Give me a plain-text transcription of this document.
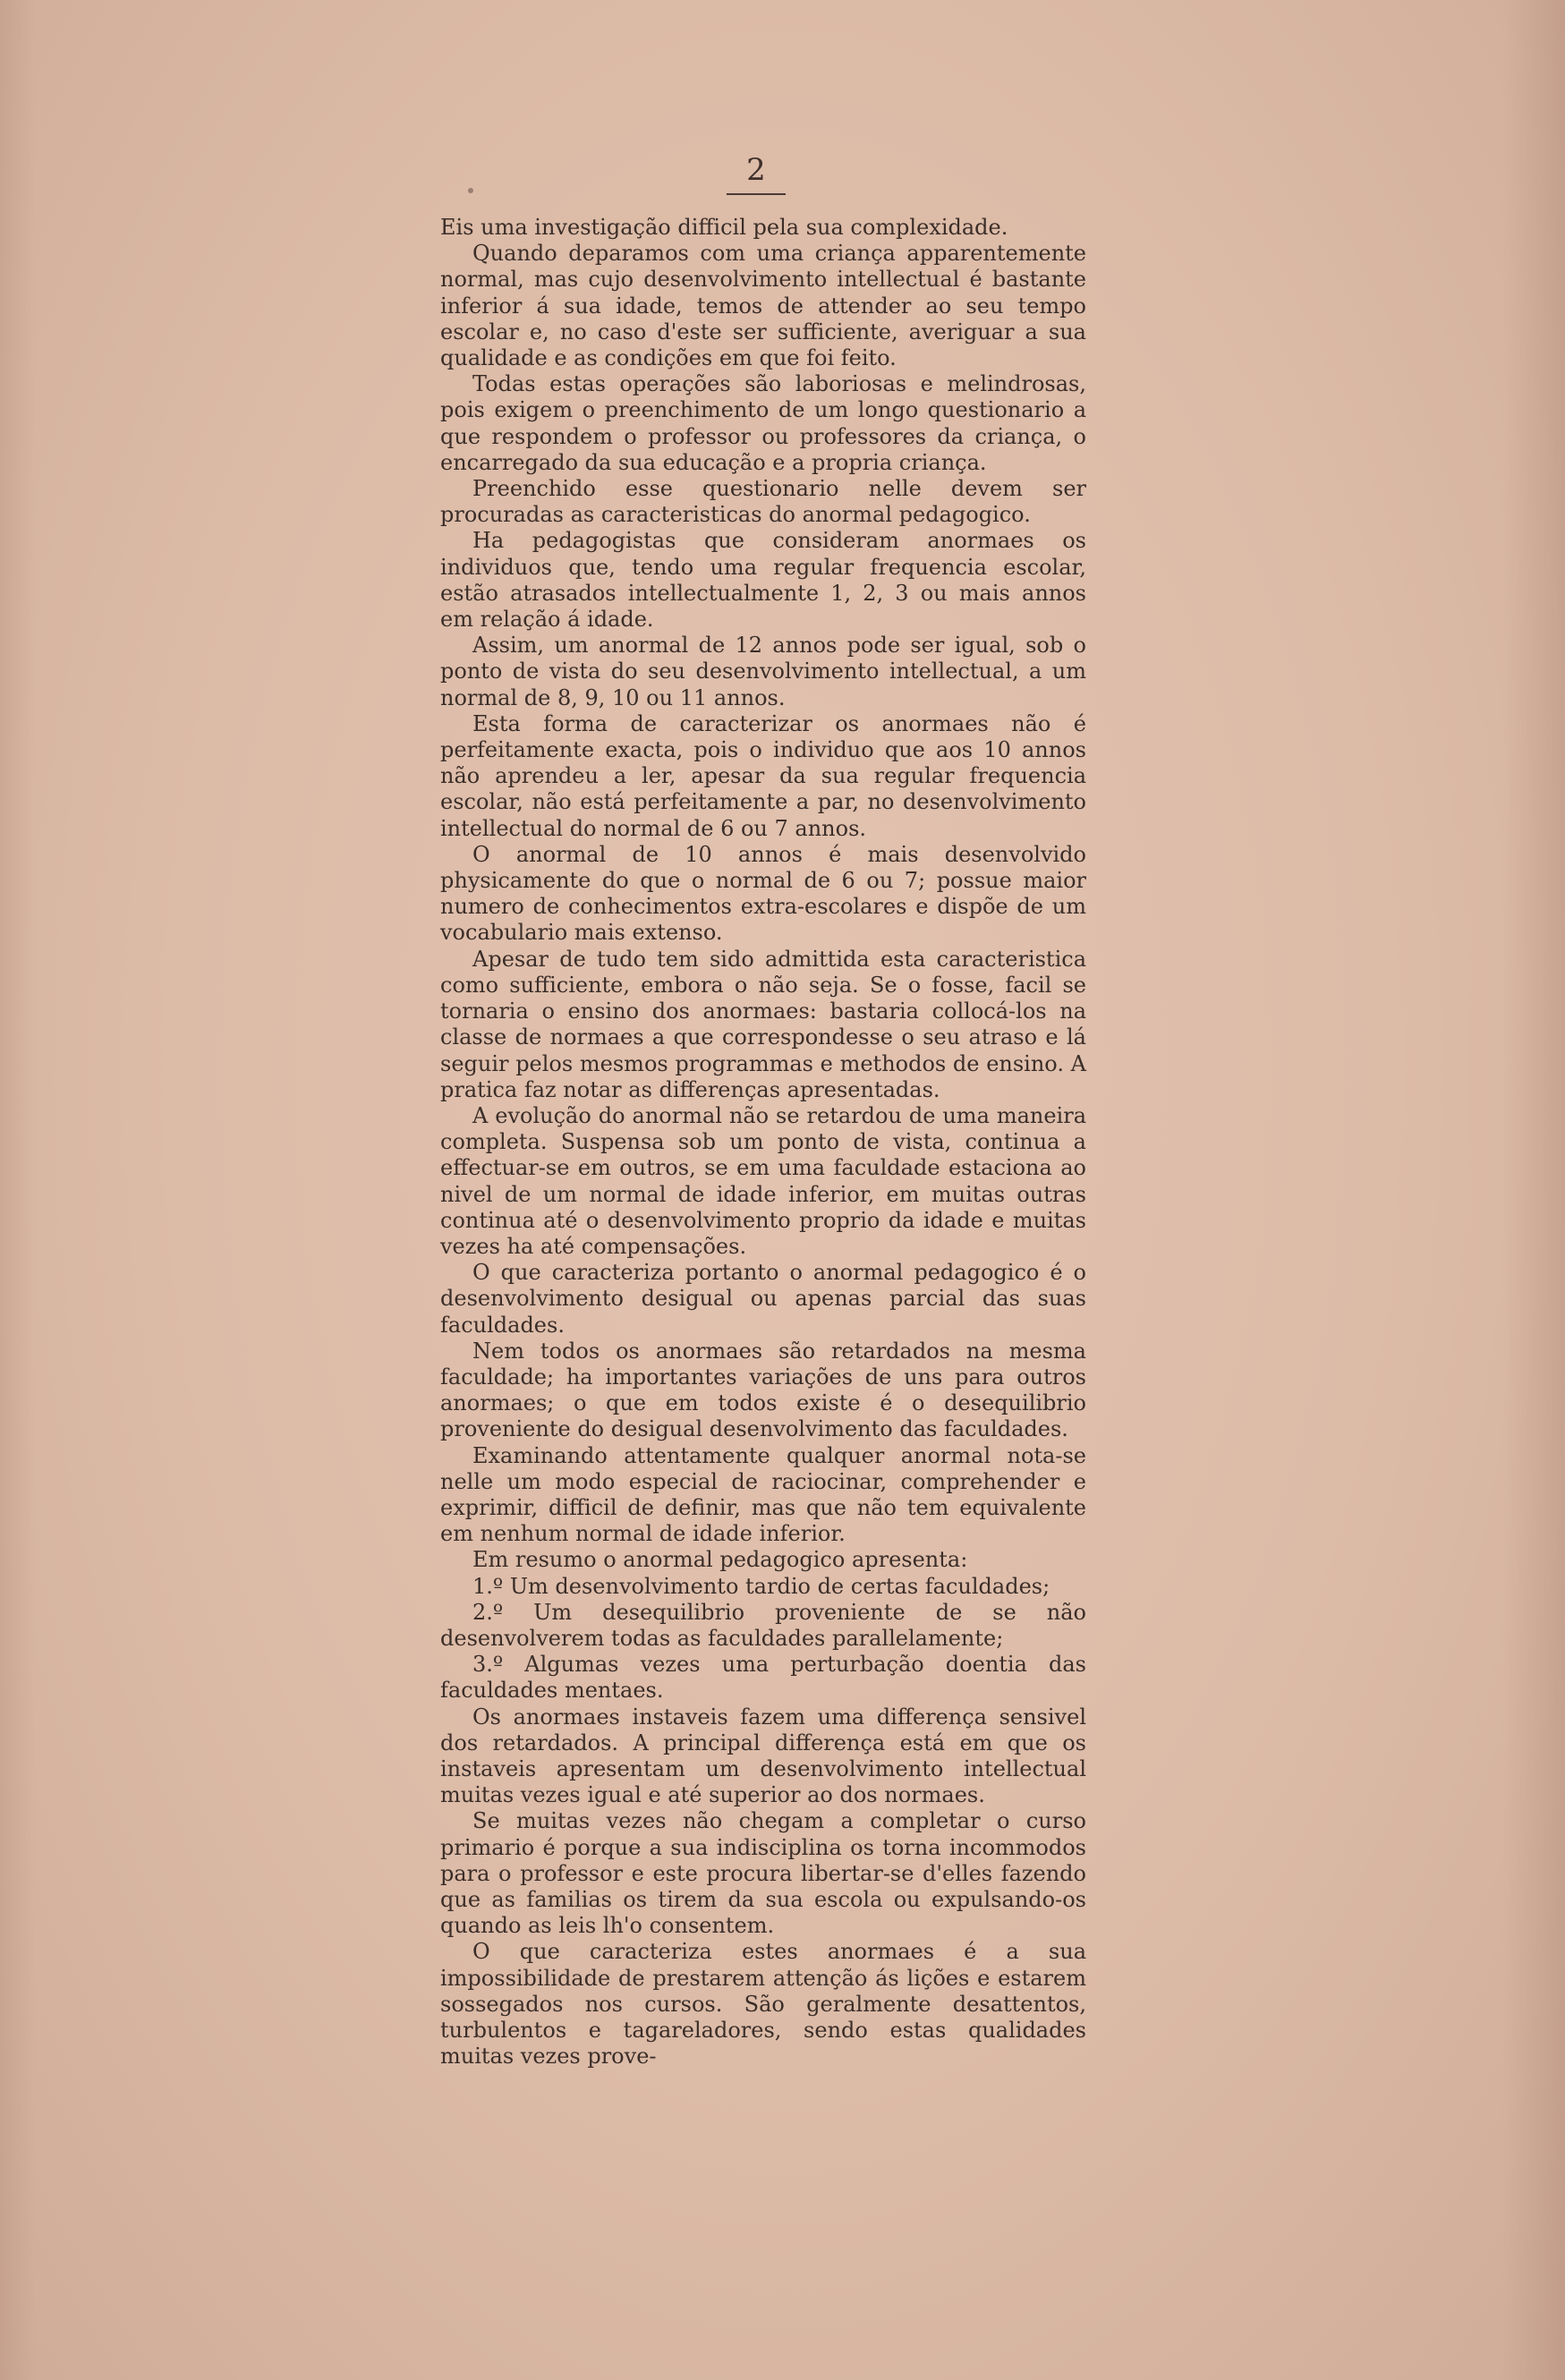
2

Eis uma investigação difficil pela sua complexidade.

Quando deparamos com uma criança apparentemente normal, mas cujo desenvolvimento intellectual é bastante inferior á sua idade, temos de attender ao seu tempo escolar e, no caso d'este ser sufficiente, averiguar a sua qualidade e as condições em que foi feito.

Todas estas operações são laboriosas e melindrosas, pois exigem o preenchimento de um longo questionario a que respondem o professor ou professores da criança, o encarregado da sua educação e a propria criança.

Preenchido esse questionario nelle devem ser procuradas as caracteristicas do anormal pedagogico.

Ha pedagogistas que consideram anormaes os individuos que, tendo uma regular frequencia escolar, estão atrasados intellectualmente 1, 2, 3 ou mais annos em relação á idade.

Assim, um anormal de 12 annos pode ser igual, sob o ponto de vista do seu desenvolvimento intellectual, a um normal de 8, 9, 10 ou 11 annos.

Esta forma de caracterizar os anormaes não é perfeitamente exacta, pois o individuo que aos 10 annos não aprendeu a ler, apesar da sua regular frequencia escolar, não está perfeitamente a par, no desenvolvimento intellectual do normal de 6 ou 7 annos.

O anormal de 10 annos é mais desenvolvido physicamente do que o normal de 6 ou 7; possue maior numero de conhecimentos extra-escolares e dispõe de um vocabulario mais extenso.

Apesar de tudo tem sido admittida esta caracteristica como sufficiente, embora o não seja. Se o fosse, facil se tornaria o ensino dos anormaes: bastaria collocá-los na classe de normaes a que correspondesse o seu atraso e lá seguir pelos mesmos programmas e methodos de ensino. A pratica faz notar as differenças apresentadas.

A evolução do anormal não se retardou de uma maneira completa. Suspensa sob um ponto de vista, continua a effectuar-se em outros, se em uma faculdade estaciona ao nivel de um normal de idade inferior, em muitas outras continua até o desenvolvimento proprio da idade e muitas vezes ha até compensações.

O que caracteriza portanto o anormal pedagogico é o desenvolvimento desigual ou apenas parcial das suas faculdades.

Nem todos os anormaes são retardados na mesma faculdade; ha importantes variações de uns para outros anormaes; o que em todos existe é o desequilibrio proveniente do desigual desenvolvimento das faculdades.

Examinando attentamente qualquer anormal nota-se nelle um modo especial de raciocinar, comprehender e exprimir, difficil de definir, mas que não tem equivalente em nenhum normal de idade inferior.

Em resumo o anormal pedagogico apresenta:

1.º Um desenvolvimento tardio de certas faculdades;

2.º Um desequilibrio proveniente de se não desenvolverem todas as faculdades parallelamente;

3.º Algumas vezes uma perturbação doentia das faculdades mentaes.

Os anormaes instaveis fazem uma differença sensivel dos retardados. A principal differença está em que os instaveis apresentam um desenvolvimento intellectual muitas vezes igual e até superior ao dos normaes.

Se muitas vezes não chegam a completar o curso primario é porque a sua indisciplina os torna incommodos para o professor e este procura libertar-se d'elles fazendo que as familias os tirem da sua escola ou expulsando-os quando as leis lh'o consentem.

O que caracteriza estes anormaes é a sua impossibilidade de prestarem attenção ás lições e estarem sossegados nos cursos. São geralmente desattentos, turbulentos e tagareladores, sendo estas qualidades muitas vezes prove-
